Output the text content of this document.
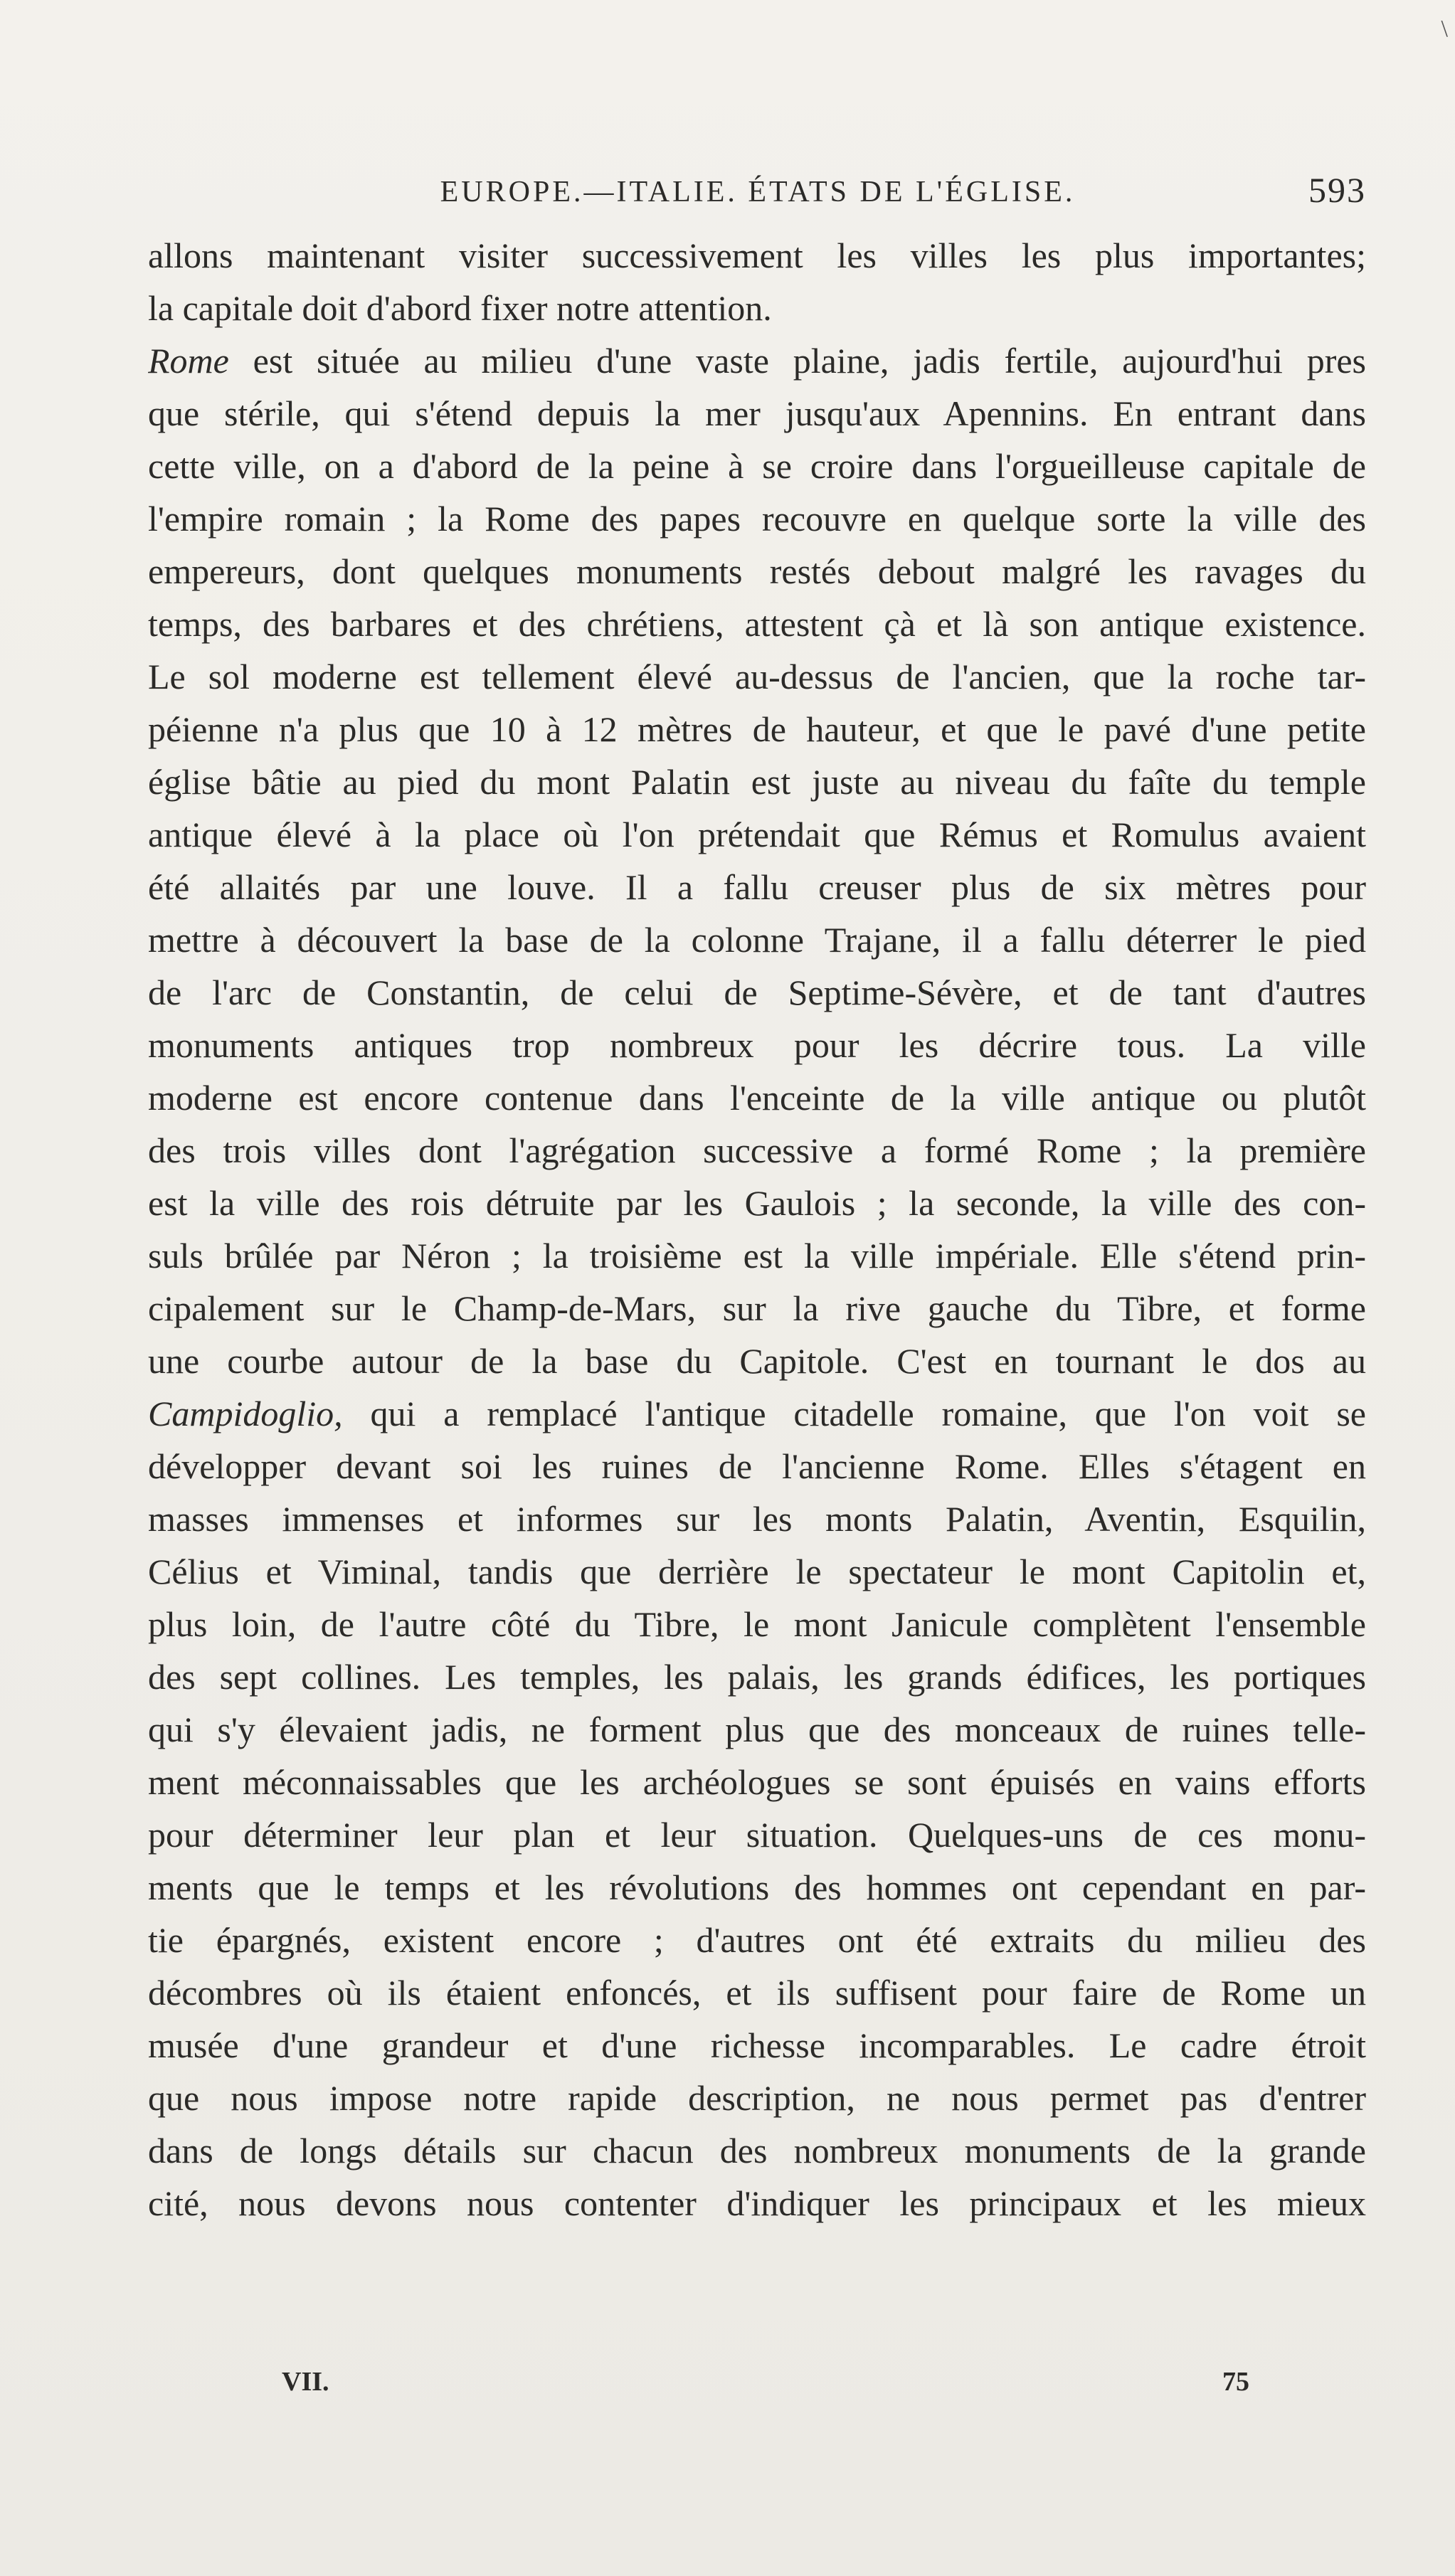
\
EUROPE.—ITALIE. ÉTATS DE L'ÉGLISE.	593
allons maintenant visiter successivement les villes les plus importantes;
la capitale doit d'abord fixer notre attention.
Rome est située au milieu d'une vaste plaine, jadis fertile, aujourd'hui pres
que stérile, qui s'étend depuis la mer jusqu'aux Apennins. En entrant dans
cette ville, on a d'abord de la peine à se croire dans l'orgueilleuse capitale de
l'empire romain ; la Rome des papes recouvre en quelque sorte la ville des
empereurs, dont quelques monuments restés debout malgré les ravages du
temps, des barbares et des chrétiens, attestent çà et là son antique existence.
Le sol moderne est tellement élevé au-dessus de l'ancien, que la roche tar-
péienne n'a plus que 10 à 12 mètres de hauteur, et que le pavé d'une petite
église bâtie au pied du mont Palatin est juste au niveau du faîte du temple
antique élevé à la place où l'on prétendait que Rémus et Romulus avaient
été allaités par une louve. Il a fallu creuser plus de six mètres pour
mettre à découvert la base de la colonne Trajane, il a fallu déterrer le pied
de l'arc de Constantin, de celui de Septime-Sévère, et de tant d'autres
monuments antiques trop nombreux pour les décrire tous. La ville
moderne est encore contenue dans l'enceinte de la ville antique ou plutôt
des trois villes dont l'agrégation successive a formé Rome ; la première
est la ville des rois détruite par les Gaulois ; la seconde, la ville des con-
suls brûlée par Néron ; la troisième est la ville impériale. Elle s'étend prin-
cipalement sur le Champ-de-Mars, sur la rive gauche du Tibre, et forme
une courbe autour de la base du Capitole. C'est en tournant le dos au
Campidoglio, qui a remplacé l'antique citadelle romaine, que l'on voit se
développer devant soi les ruines de l'ancienne Rome. Elles s'étagent en
masses immenses et informes sur les monts Palatin, Aventin, Esquilin,
Célius et Viminal, tandis que derrière le spectateur le mont Capitolin et,
plus loin, de l'autre côté du Tibre, le mont Janicule complètent l'ensemble
des sept collines. Les temples, les palais, les grands édifices, les portiques
qui s'y élevaient jadis, ne forment plus que des monceaux de ruines telle-
ment méconnaissables que les archéologues se sont épuisés en vains efforts
pour déterminer leur plan et leur situation. Quelques-uns de ces monu-
ments que le temps et les révolutions des hommes ont cependant en par-
tie épargnés, existent encore ; d'autres ont été extraits du milieu des
décombres où ils étaient enfoncés, et ils suffisent pour faire de Rome un
musée d'une grandeur et d'une richesse incomparables. Le cadre étroit
que nous impose notre rapide description, ne nous permet pas d'entrer
dans de longs détails sur chacun des nombreux monuments de la grande
cité, nous devons nous contenter d'indiquer les principaux et les mieux
VII.	75
